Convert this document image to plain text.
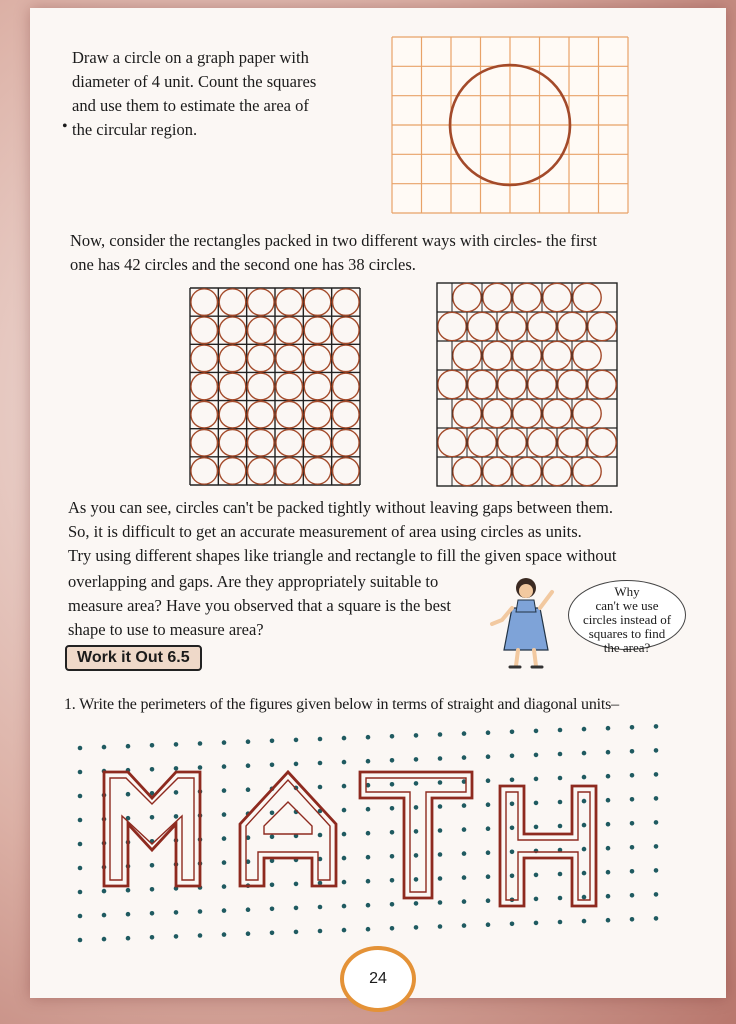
Draw a circle on a graph paper with
diameter of 4 unit. Count the squares
and use them to estimate the area of
the circular region.

•

Now, consider the rectangles packed in two different ways with circles- the first
one has 42 circles and the second one has 38 circles.

As you can see, circles can't be packed tightly without leaving gaps between them.
So, it is difficult to get an accurate measurement of area using circles as units.
Try using different shapes like triangle and rectangle to fill the given space without

overlapping and gaps. Are they appropriately suitable to
measure area? Have you observed that a square is the best
shape to use to measure area?

Why
can't we use
circles instead of
squares to find
the area?
Work it Out 6.5

1. Write the perimeters of the figures given below in terms of straight and diagonal units–

24
